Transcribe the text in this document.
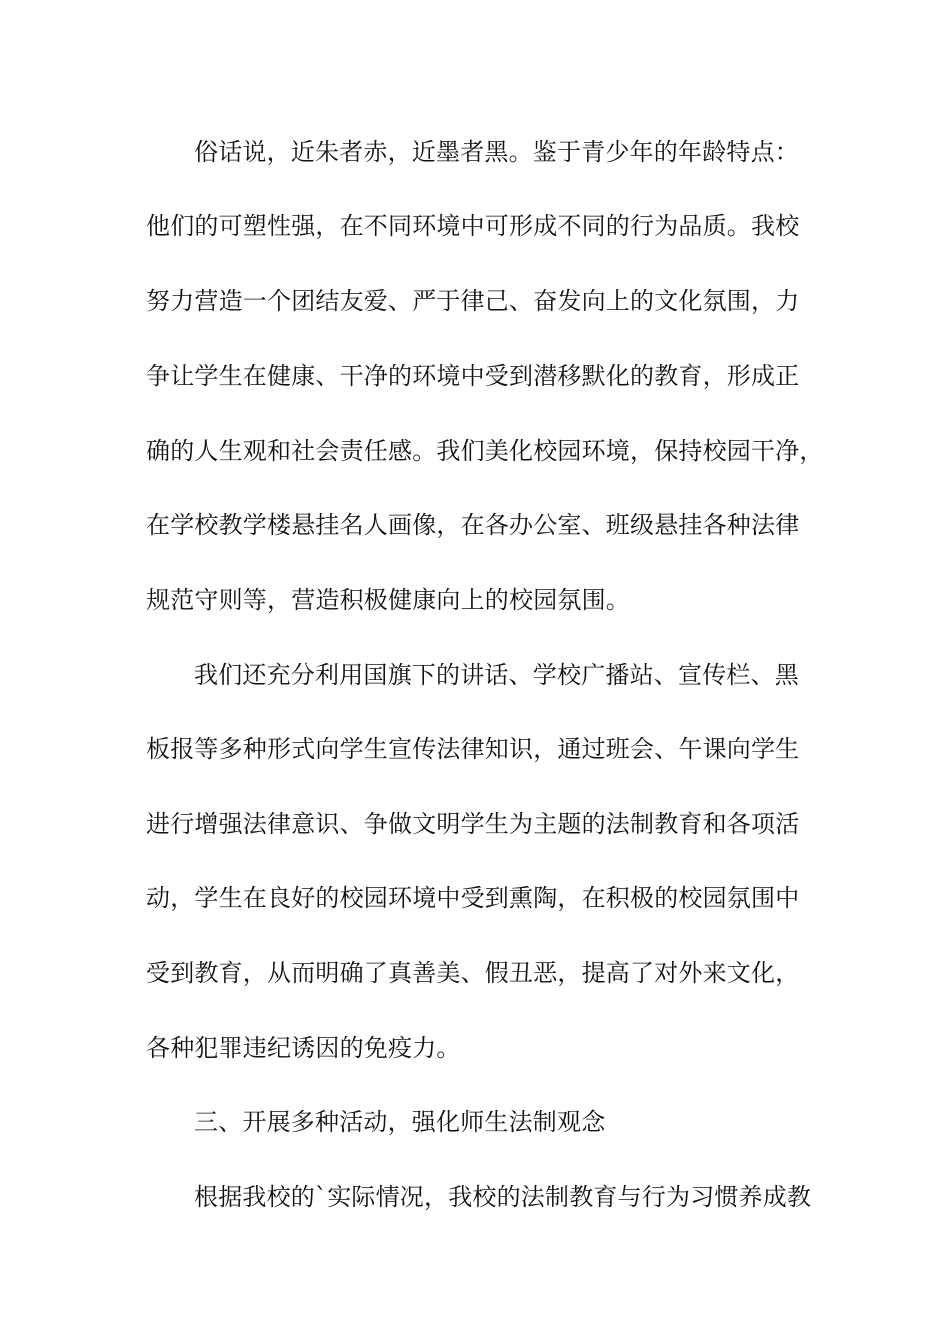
俗话说，近朱者赤，近墨者黑。鉴于青少年的年龄特点：

他们的可塑性强，在不同环境中可形成不同的行为品质。我校

努力营造一个团结友爱、严于律己、奋发向上的文化氛围，力

争让学生在健康、干净的环境中受到潜移默化的教育，形成正

确的人生观和社会责任感。我们美化校园环境，保持校园干净，

在学校教学楼悬挂名人画像，在各办公室、班级悬挂各种法律

规范守则等，营造积极健康向上的校园氛围。

我们还充分利用国旗下的讲话、学校广播站、宣传栏、黑

板报等多种形式向学生宣传法律知识，通过班会、午课向学生

进行增强法律意识、争做文明学生为主题的法制教育和各项活

动，学生在良好的校园环境中受到熏陶，在积极的校园氛围中

受到教育，从而明确了真善美、假丑恶，提高了对外来文化，

各种犯罪违纪诱因的免疫力。

三、开展多种活动，强化师生法制观念

根据我校的`实际情况，我校的法制教育与行为习惯养成教
